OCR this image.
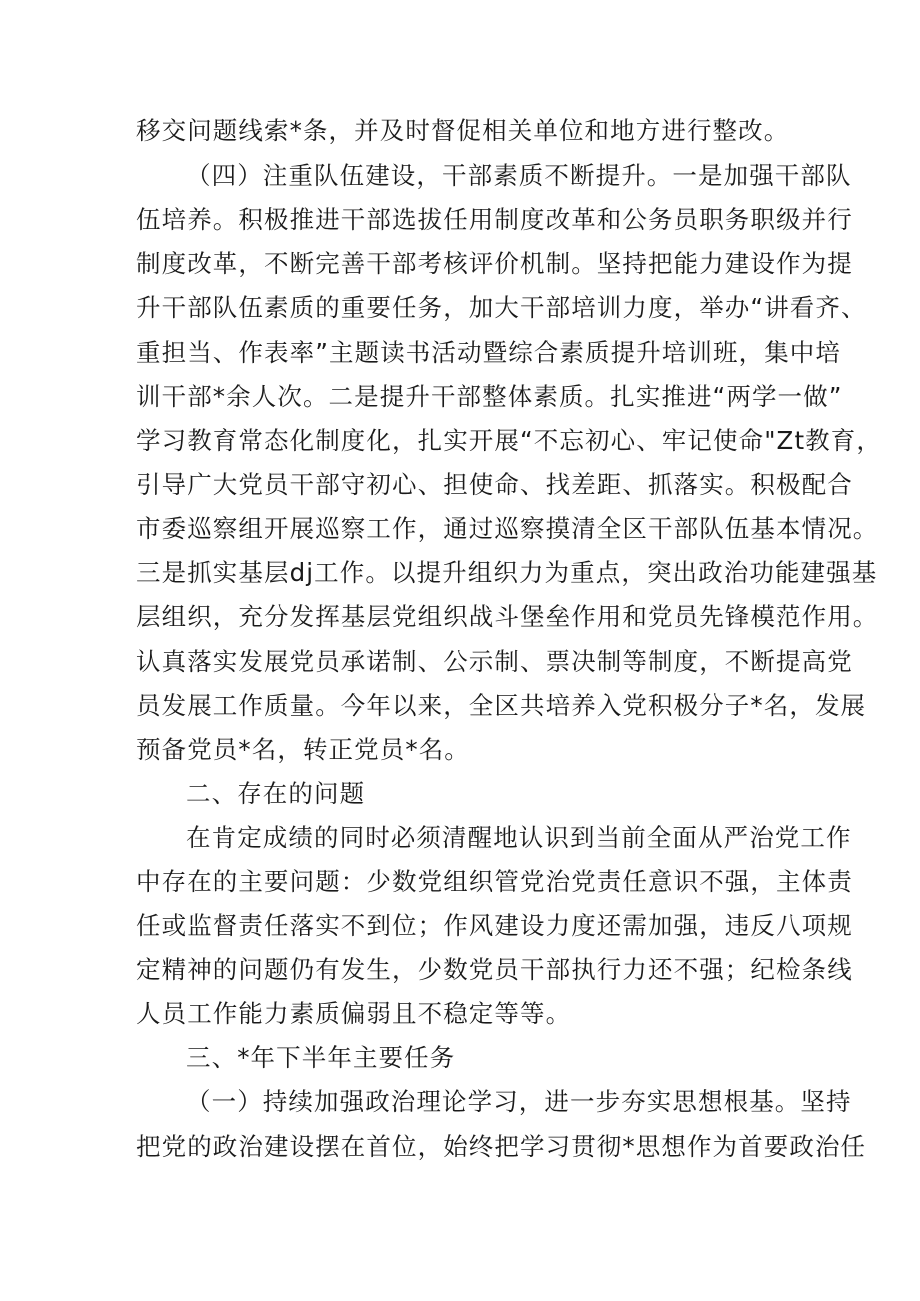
移交问题线索*条，并及时督促相关单位和地方进行整改。
（四）注重队伍建设，干部素质不断提升。一是加强干部队
伍培养。积极推进干部选拔任用制度改革和公务员职务职级并行
制度改革，不断完善干部考核评价机制。坚持把能力建设作为提
升干部队伍素质的重要任务，加大干部培训力度，举办“讲看齐、
重担当、作表率”主题读书活动暨综合素质提升培训班，集中培
训干部*余人次。二是提升干部整体素质。扎实推进“两学一做”
学习教育常态化制度化，扎实开展“不忘初心、牢记使命"Zt教育，
引导广大党员干部守初心、担使命、找差距、抓落实。积极配合
市委巡察组开展巡察工作，通过巡察摸清全区干部队伍基本情况。
三是抓实基层dj工作。以提升组织力为重点，突出政治功能建强基
层组织，充分发挥基层党组织战斗堡垒作用和党员先锋模范作用。
认真落实发展党员承诺制、公示制、票决制等制度，不断提高党
员发展工作质量。今年以来，全区共培养入党积极分子*名，发展
预备党员*名，转正党员*名。
二、存在的问题
在肯定成绩的同时必须清醒地认识到当前全面从严治党工作
中存在的主要问题：少数党组织管党治党责任意识不强，主体责
任或监督责任落实不到位；作风建设力度还需加强，违反八项规
定精神的问题仍有发生，少数党员干部执行力还不强；纪检条线
人员工作能力素质偏弱且不稳定等等。
三、*年下半年主要任务
（一）持续加强政治理论学习，进一步夯实思想根基。坚持
把党的政治建设摆在首位，始终把学习贯彻*思想作为首要政治任
